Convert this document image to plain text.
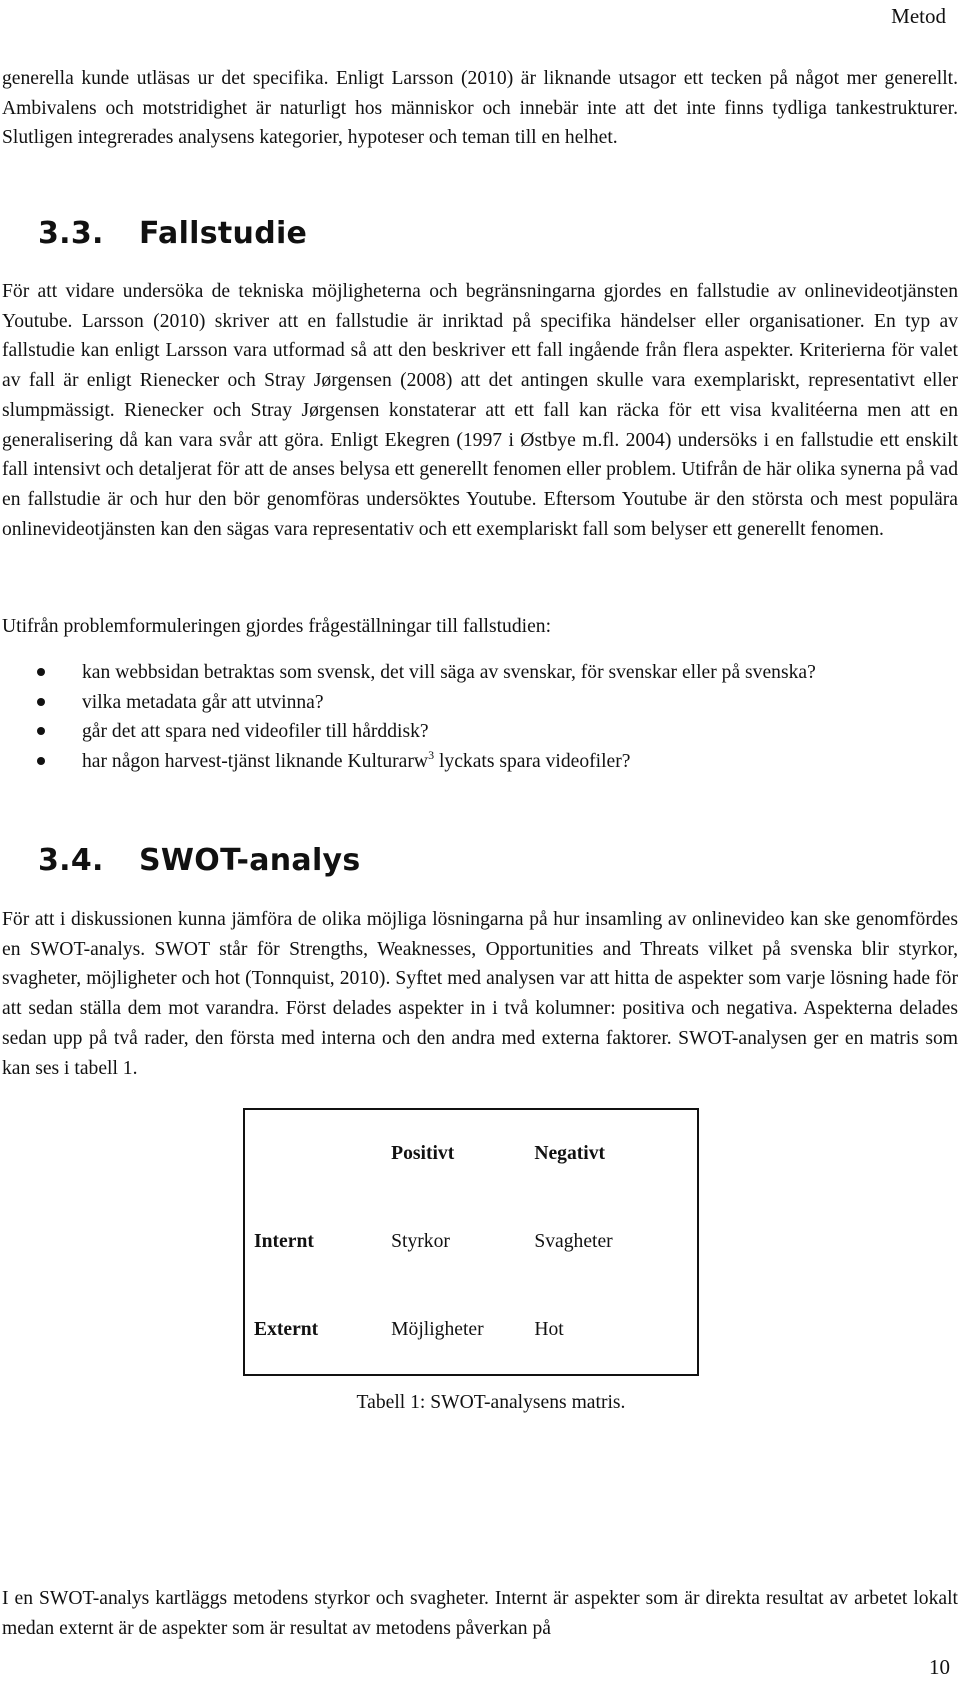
Metod

generella kunde utläsas ur det specifika. Enligt Larsson (2010) är liknande utsagor ett tecken på något mer generellt. Ambivalens och motstridighet är naturligt hos människor och innebär inte att det inte finns tydliga tankestrukturer. Slutligen integrerades analysens kategorier, hypoteser och teman till en helhet.

3.3. Fallstudie

För att vidare undersöka de tekniska möjligheterna och begränsningarna gjordes en fallstudie av onlinevideotjänsten Youtube. Larsson (2010) skriver att en fallstudie är inriktad på specifika händelser eller organisationer. En typ av fallstudie kan enligt Larsson vara utformad så att den beskriver ett fall ingående från flera aspekter. Kriterierna för valet av fall är enligt Rienecker och Stray Jørgensen (2008) att det antingen skulle vara exemplariskt, representativt eller slumpmässigt. Rienecker och Stray Jørgensen konstaterar att ett fall kan räcka för ett visa kvalitéerna men att en generalisering då kan vara svår att göra. Enligt Ekegren (1997 i Østbye m.fl. 2004) undersöks i en fallstudie ett enskilt fall intensivt och detaljerat för att de anses belysa ett generellt fenomen eller problem. Utifrån de här olika synerna på vad en fallstudie är och hur den bör genomföras undersöktes Youtube. Eftersom Youtube är den största och mest populära onlinevideotjänsten kan den sägas vara representativ och ett exemplariskt fall som belyser ett generellt fenomen.

Utifrån problemformuleringen gjordes frågeställningar till fallstudien:

kan webbsidan betraktas som svensk, det vill säga av svenskar, för svenskar eller på svenska?
vilka metadata går att utvinna?
går det att spara ned videofiler till hårddisk?
har någon harvest-tjänst liknande Kulturarw$^3$ lyckats spara videofiler?
3.4. SWOT-analys

För att i diskussionen kunna jämföra de olika möjliga lösningarna på hur insamling av onlinevideo kan ske genomfördes en SWOT-analys. SWOT står för Strengths, Weaknesses, Opportunities and Threats vilket på svenska blir styrkor, svagheter, möjligheter och hot (Tonnquist, 2010). Syftet med analysen var att hitta de aspekter som varje lösning hade för att sedan ställa dem mot varandra. Först delades aspekter in i två kolumner: positiva och negativa. Aspekterna delades sedan upp på två rader, den första med interna och den andra med externa faktorer. SWOT-analysen ger en matris som kan ses i tabell 1.

	Positivt	Negativt
Internt	Styrkor	Svagheter
Externt	Möjligheter	Hot
Tabell 1: SWOT-analysens matris.

I en SWOT-analys kartläggs metodens styrkor och svagheter. Internt är aspekter som är direkta resultat av arbetet lokalt medan externt är de aspekter som är resultat av metodens påverkan på

10
